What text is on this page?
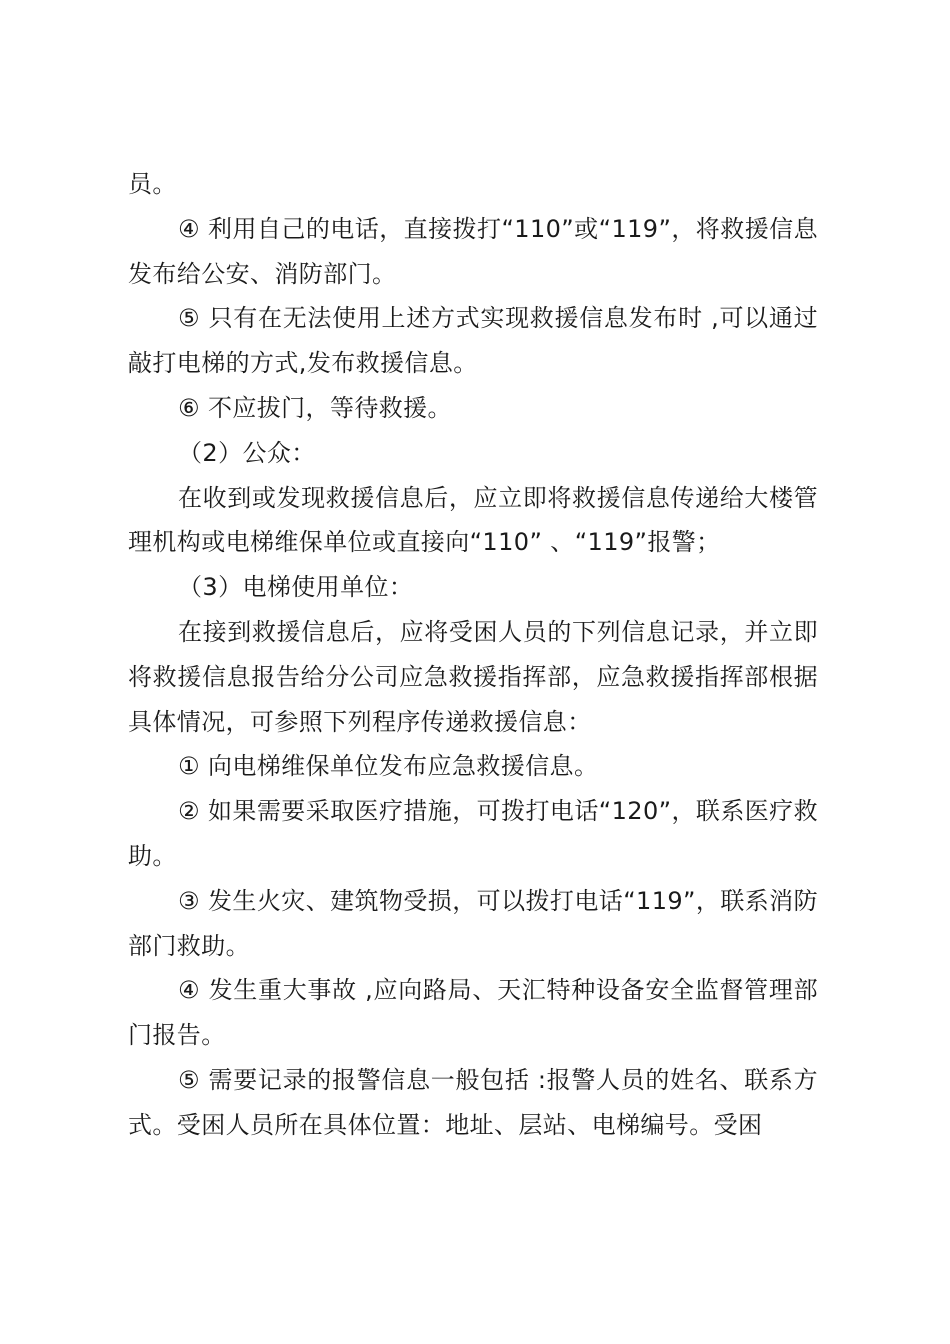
员。

④ 利用自己的电话，直接拨打“110”或“119”，将救援信息发布给公安、消防部门。

⑤ 只有在无法使用上述方式实现救援信息发布时 ,可以通过敲打电梯的方式,发布救援信息。

⑥ 不应拔门，等待救援。

（2）公众：

在收到或发现救援信息后，应立即将救援信息传递给大楼管理机构或电梯维保单位或直接向“110” 、“119”报警；

（3）电梯使用单位：

在接到救援信息后，应将受困人员的下列信息记录，并立即将救援信息报告给分公司应急救援指挥部，应急救援指挥部根据具体情况，可参照下列程序传递救援信息：

① 向电梯维保单位发布应急救援信息。

② 如果需要采取医疗措施，可拨打电话“120”，联系医疗救助。

③ 发生火灾、建筑物受损，可以拨打电话“119”，联系消防部门救助。

④ 发生重大事故 ,应向路局、天汇特种设备安全监督管理部门报告。

⑤ 需要记录的报警信息一般包括 :报警人员的姓名、联系方式。受困人员所在具体位置：地址、层站、电梯编号。受困
